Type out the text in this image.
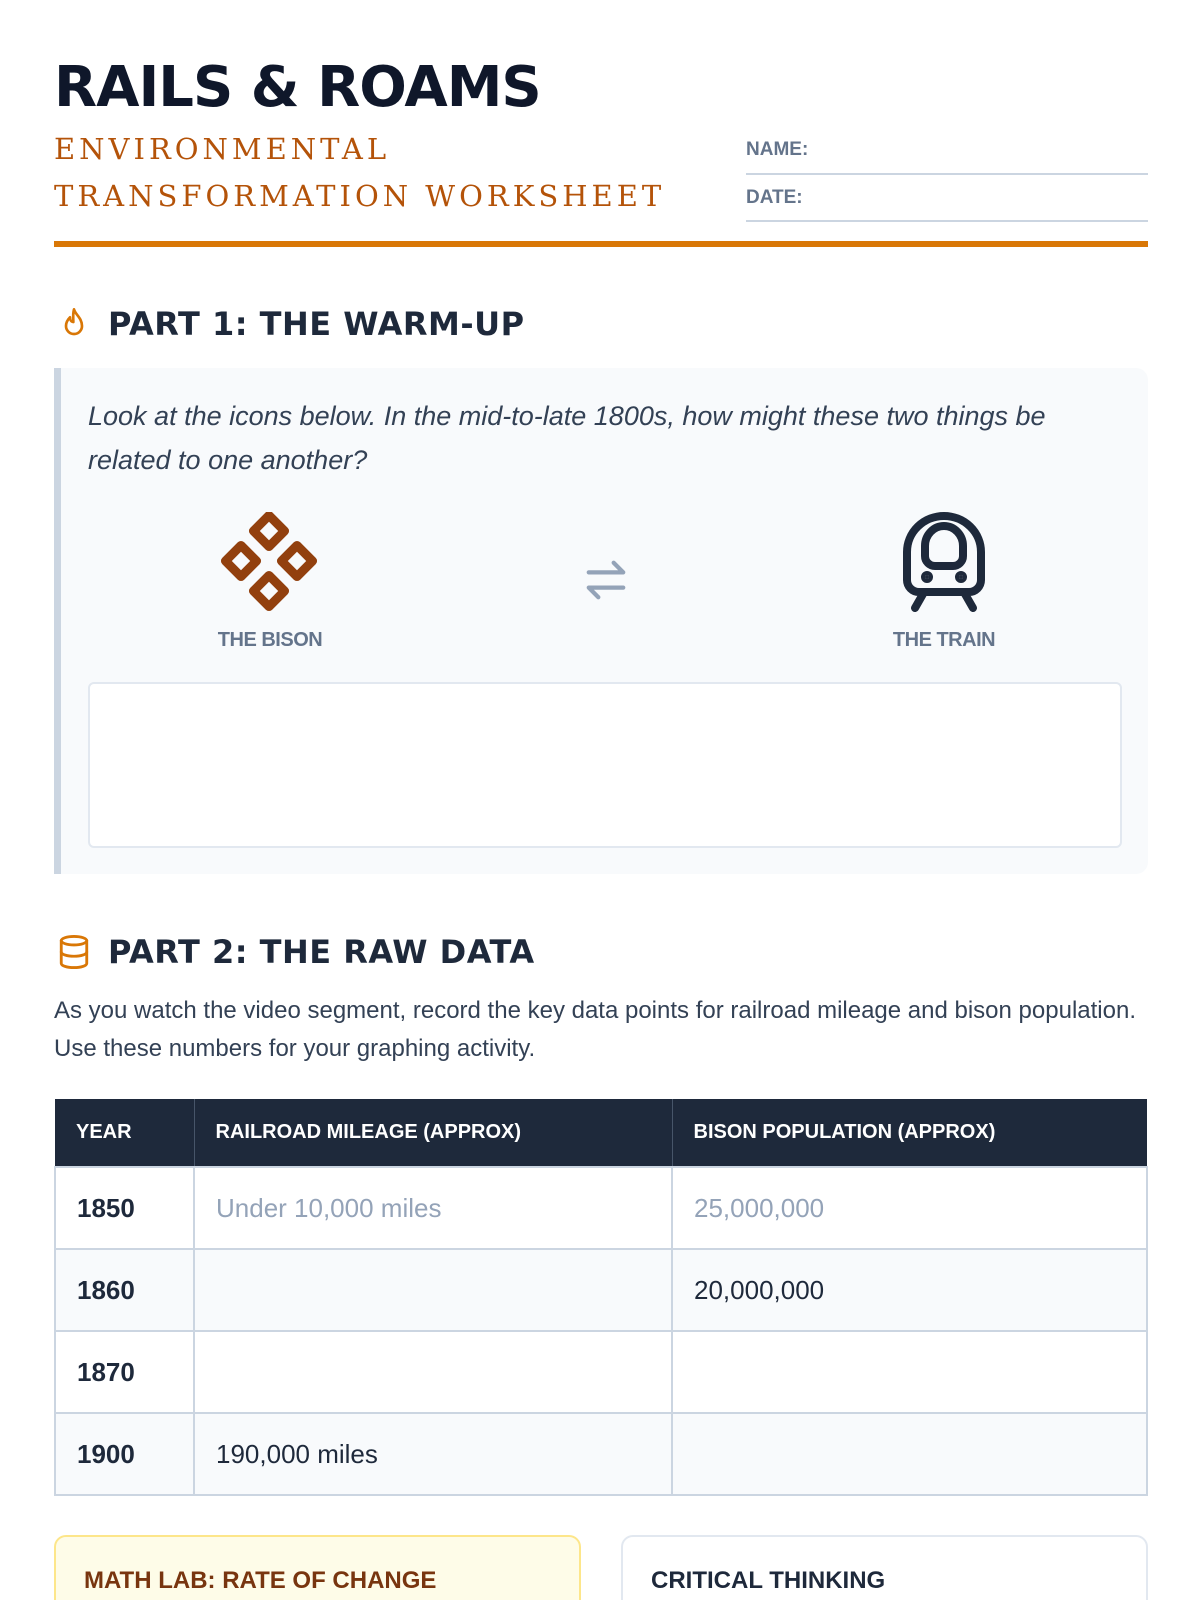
RAILS & ROAMS
ENVIRONMENTAL TRANSFORMATION WORKSHEET
NAME:
DATE:
PART 1: THE WARM-UP

Look at the icons below. In the mid-to-late 1800s, how might these two things be related to one another?

THE BISON	THE TRAIN
PART 2: THE RAW DATA

As you watch the video segment, record the key data points for railroad mileage and bison population. Use these numbers for your graphing activity.

YEAR	RAILROAD MILEAGE (APPROX)	BISON POPULATION (APPROX)
1850	Under 10,000 miles	25,000,000
1860		20,000,000
1870		
1900	190,000 miles	
MATH LAB: RATE OF CHANGE	CRITICAL THINKING
